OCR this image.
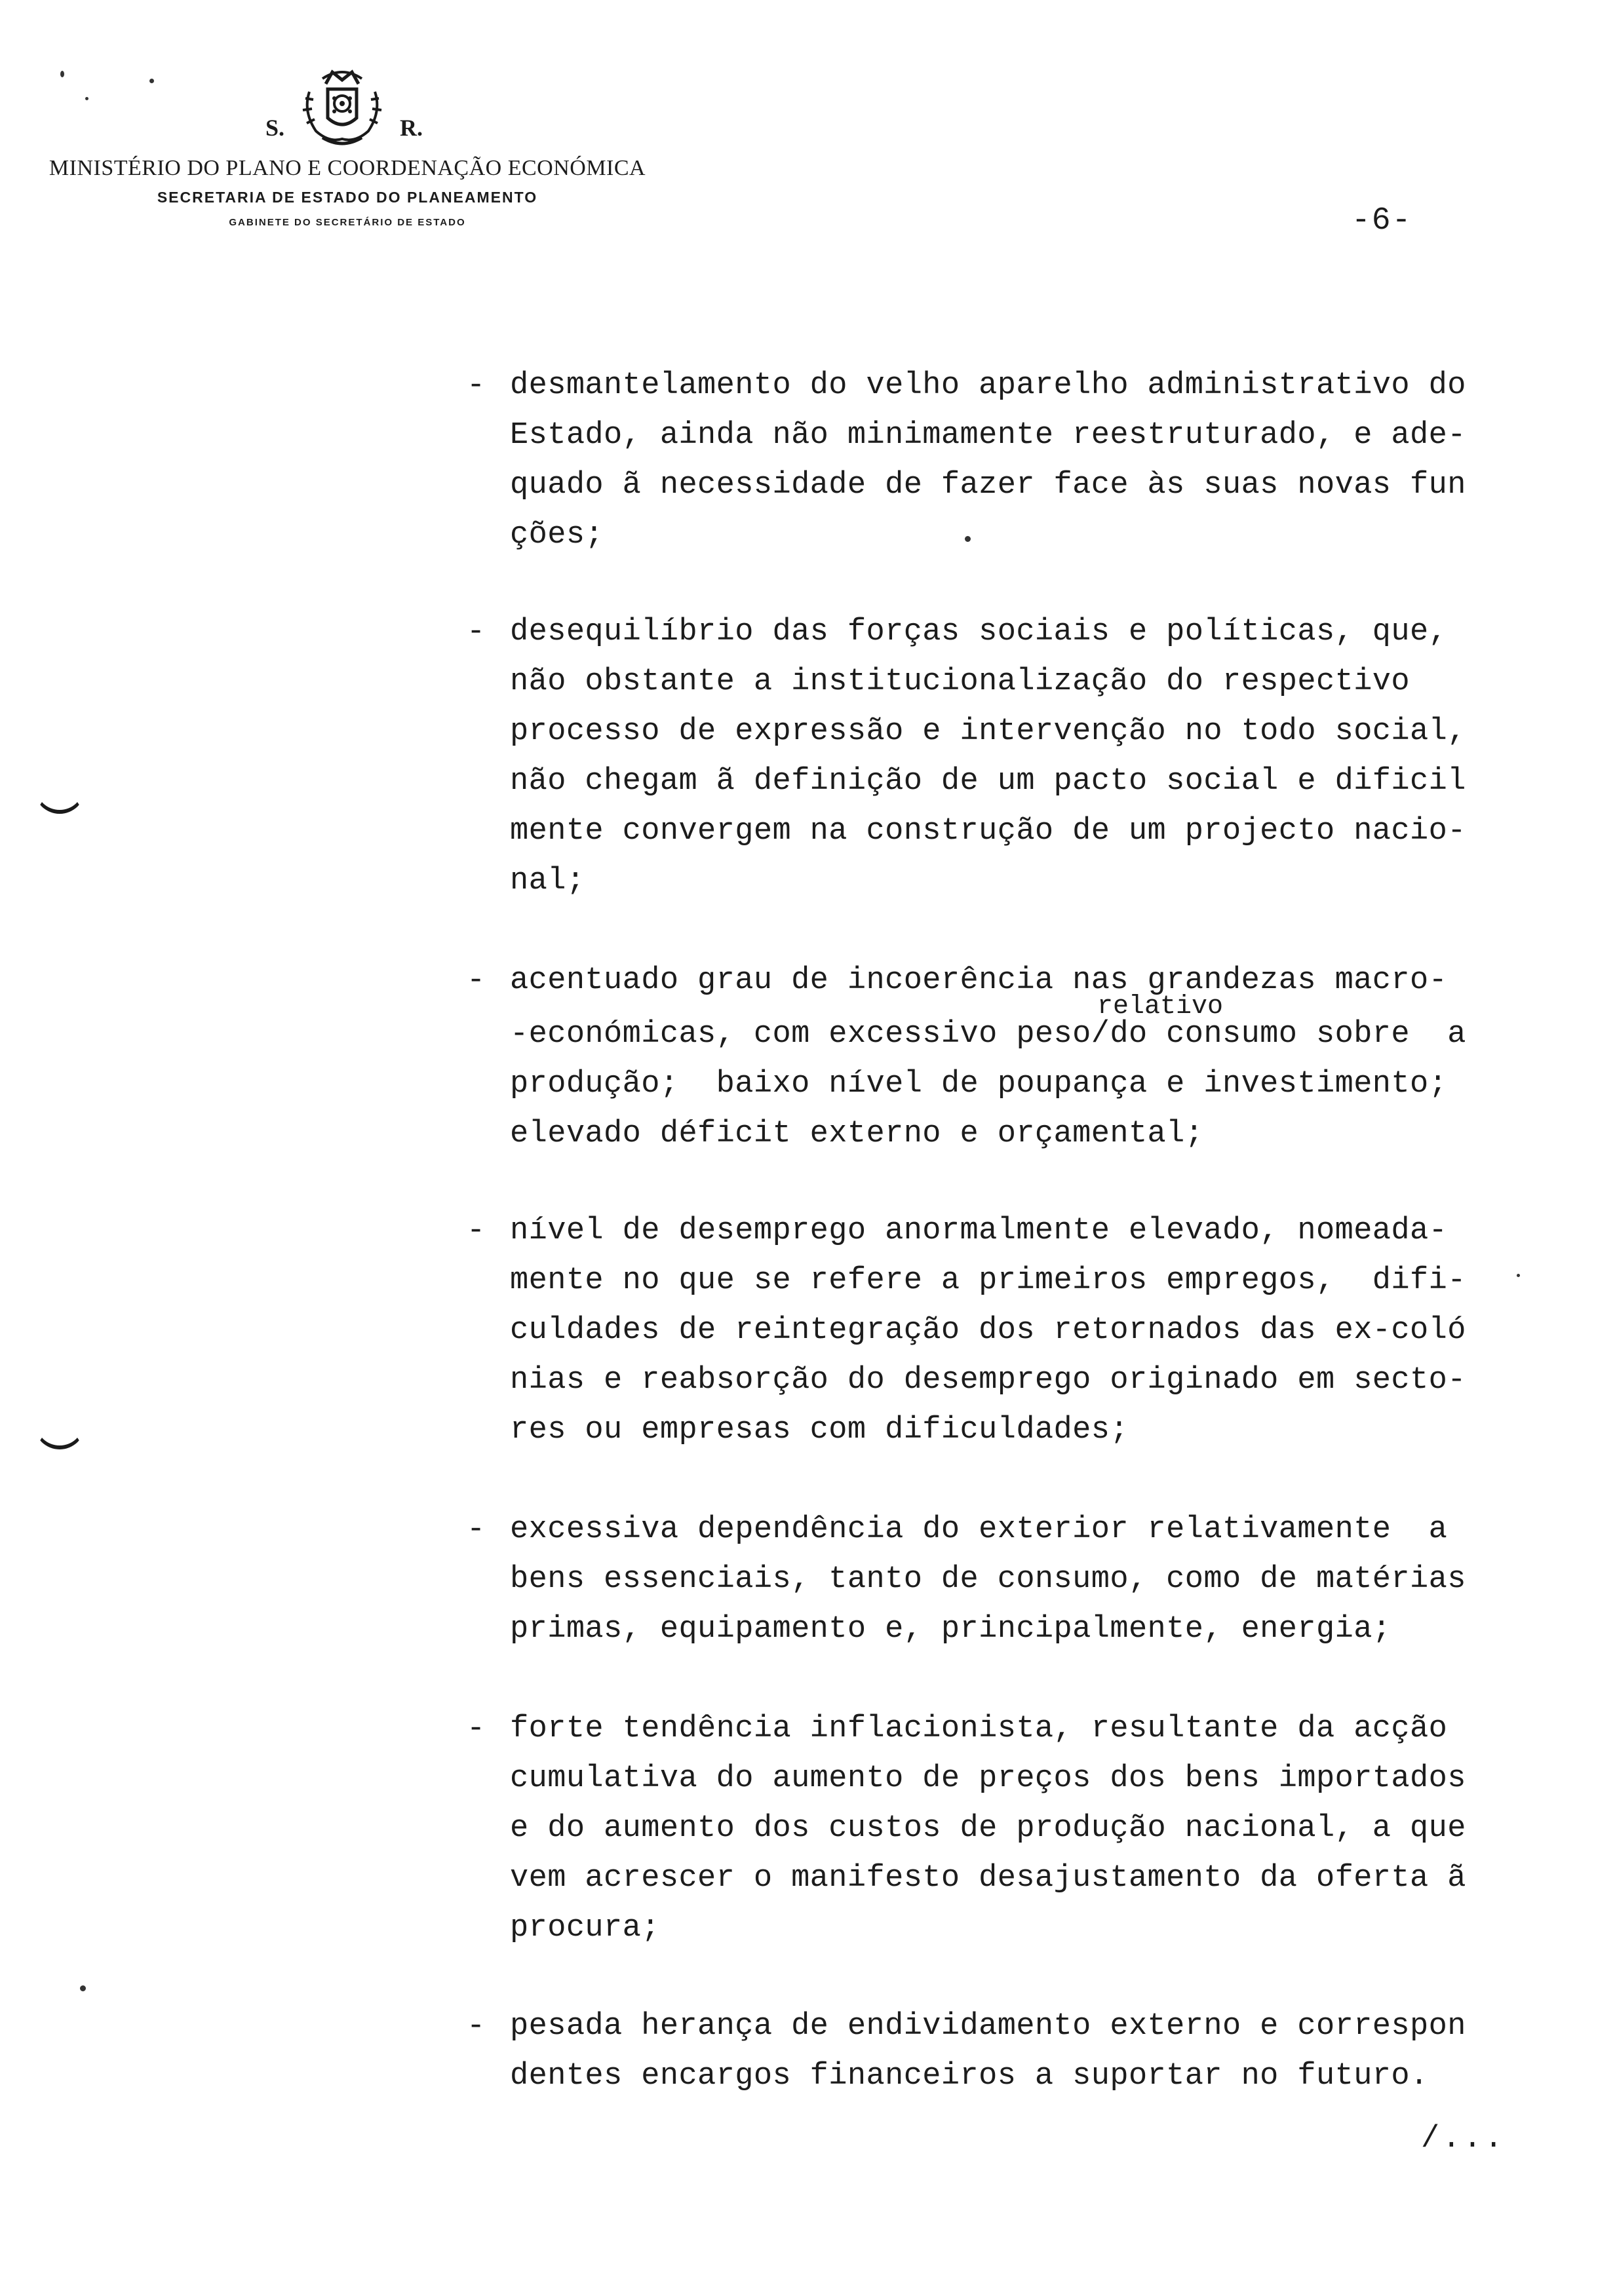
S.	R.
MINISTÉRIO DO PLANO E COORDENAÇÃO ECONÓMICA
SECRETARIA DE ESTADO DO PLANEAMENTO
GABINETE DO SECRETÁRIO DE ESTADO	-6-
- desmantelamento do velho aparelho administrativo do
Estado, ainda não minimamente reestruturado, e ade-
quado ã necessidade de fazer face às suas novas fun
ções;
- desequilíbrio das forças sociais e políticas, que,
não obstante a institucionalização do respectivo
processo de expressão e intervenção no todo social,
não chegam ã definição de um pacto social e dificil
mente convergem na construção de um projecto nacio-
nal;
- acentuado grau de incoerência nas grandezas macro-
relativo
-económicas, com excessivo peso/do consumo sobre  a
produção;  baixo nível de poupança e investimento;
elevado déficit externo e orçamental;
- nível de desemprego anormalmente elevado, nomeada-
mente no que se refere a primeiros empregos,  difi-
culdades de reintegração dos retornados das ex-coló
nias e reabsorção do desemprego originado em secto-
res ou empresas com dificuldades;
- excessiva dependência do exterior relativamente  a
bens essenciais, tanto de consumo, como de matérias
primas, equipamento e, principalmente, energia;
- forte tendência inflacionista, resultante da acção
cumulativa do aumento de preços dos bens importados
e do aumento dos custos de produção nacional, a que
vem acrescer o manifesto desajustamento da oferta ã
procura;
- pesada herança de endividamento externo e correspon
dentes encargos financeiros a suportar no futuro.
/...
